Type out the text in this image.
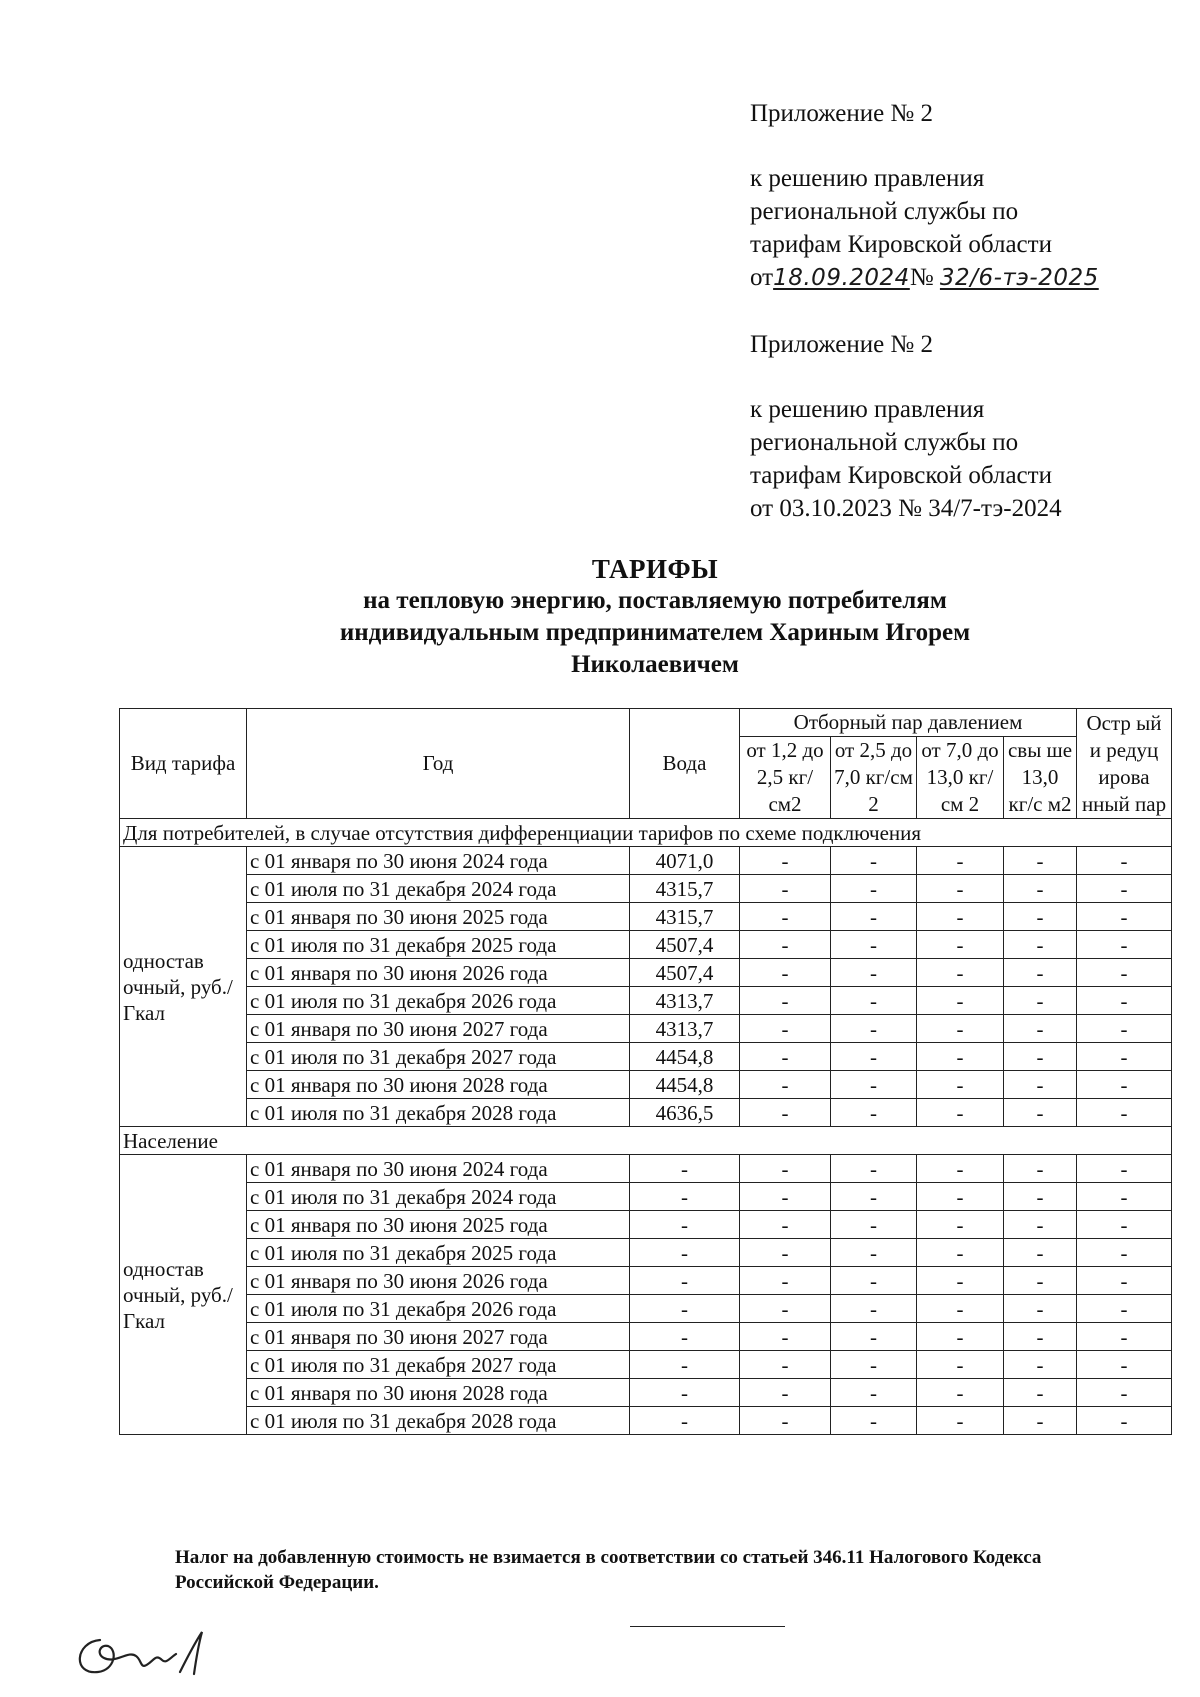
Приложение № 2

к решению правления

региональной службы по

тарифам Кировской области

от18.09.2024№ 32/6-тэ-2025

Приложение № 2

к решению правления

региональной службы по

тарифам Кировской области

от 03.10.2023 № 34/7-тэ-2024

ТАРИФЫ
на тепловую энергию, поставляемую потребителям
индивидуальным предпринимателем Хариным Игорем
Николаевичем
Вид тарифа	Год	Вода	Отборный пар давлением				Остр ый и редуц ирова нный пар
			от 1,2 до 2,5 кг/см2	от 2,5 до 7,0 кг/см 2	от 7,0 до 13,0 кг/см 2	свы ше 13,0 кг/с м2	
Для потребителей, в случае отсутствия дифференциации тарифов по схеме подключения							
одностав очный, руб./Гкал	с 01 января по 30 июня 2024 года	4071,0	-	-	-	-	-
	с 01 июля по 31 декабря 2024 года	4315,7	-	-	-	-	-
	с 01 января по 30 июня 2025 года	4315,7	-	-	-	-	-
	с 01 июля по 31 декабря 2025 года	4507,4	-	-	-	-	-
	с 01 января по 30 июня 2026 года	4507,4	-	-	-	-	-
	с 01 июля по 31 декабря 2026 года	4313,7	-	-	-	-	-
	с 01 января по 30 июня 2027 года	4313,7	-	-	-	-	-
	с 01 июля по 31 декабря 2027 года	4454,8	-	-	-	-	-
	с 01 января по 30 июня 2028 года	4454,8	-	-	-	-	-
	с 01 июля по 31 декабря 2028 года	4636,5	-	-	-	-	-
Население							
одностав очный, руб./Гкал	с 01 января по 30 июня 2024 года	-	-	-	-	-	-
	с 01 июля по 31 декабря 2024 года	-	-	-	-	-	-
	с 01 января по 30 июня 2025 года	-	-	-	-	-	-
	с 01 июля по 31 декабря 2025 года	-	-	-	-	-	-
	с 01 января по 30 июня 2026 года	-	-	-	-	-	-
	с 01 июля по 31 декабря 2026 года	-	-	-	-	-	-
	с 01 января по 30 июня 2027 года	-	-	-	-	-	-
	с 01 июля по 31 декабря 2027 года	-	-	-	-	-	-
	с 01 января по 30 июня 2028 года	-	-	-	-	-	-
	с 01 июля по 31 декабря 2028 года	-	-	-	-	-	-

Налог на добавленную стоимость не взимается в соответствии со статьей 346.11 Налогового Кодекса

Российской Федерации.
